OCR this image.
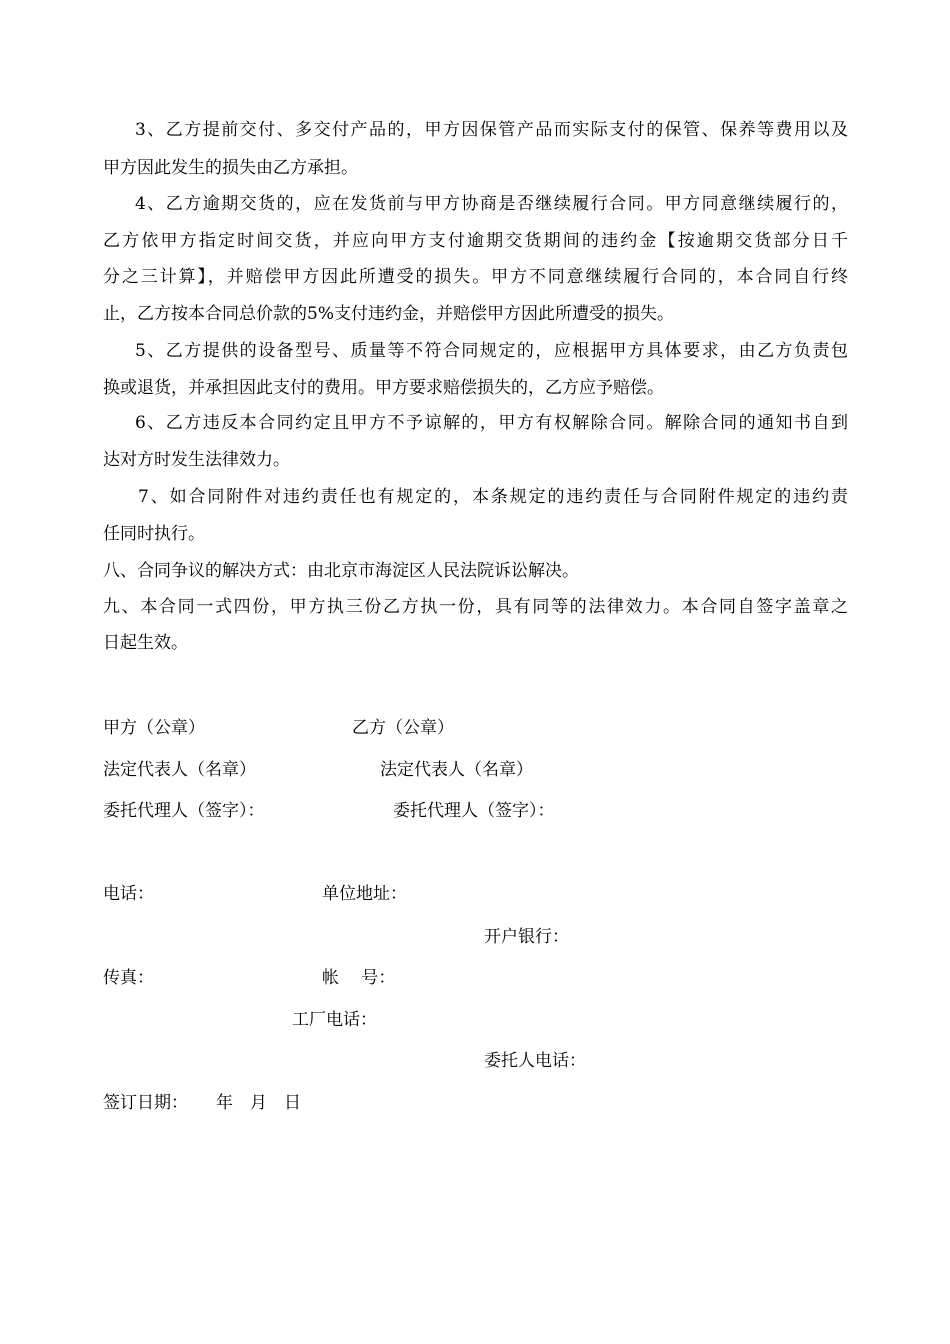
3、乙方提前交付、多交付产品的，甲方因保管产品而实际支付的保管、保养等费用以及
甲方因此发生的损失由乙方承担。
4、乙方逾期交货的，应在发货前与甲方协商是否继续履行合同。甲方同意继续履行的，
乙方依甲方指定时间交货，并应向甲方支付逾期交货期间的违约金【按逾期交货部分日千
分之三计算】，并赔偿甲方因此所遭受的损失。甲方不同意继续履行合同的，本合同自行终
止，乙方按本合同总价款的5%支付违约金，并赔偿甲方因此所遭受的损失。
5、乙方提供的设备型号、质量等不符合同规定的，应根据甲方具体要求，由乙方负责包
换或退货，并承担因此支付的费用。甲方要求赔偿损失的，乙方应予赔偿。
6、乙方违反本合同约定且甲方不予谅解的，甲方有权解除合同。解除合同的通知书自到
达对方时发生法律效力。
7、如合同附件对违约责任也有规定的，本条规定的违约责任与合同附件规定的违约责
任同时执行。
八、合同争议的解决方式：由北京市海淀区人民法院诉讼解决。
九、本合同一式四份，甲方执三份乙方执一份，具有同等的法律效力。本合同自签字盖章之
日起生效。
甲方（公章）	乙方（公章）
法定代表人（名章）	法定代表人（名章）
委托代理人（签字）：	委托代理人（签字）：
电话：	单位地址：
开户银行：
传真：	帐　 号：
工厂电话：
委托人电话：
签订日期： 年　月　日
